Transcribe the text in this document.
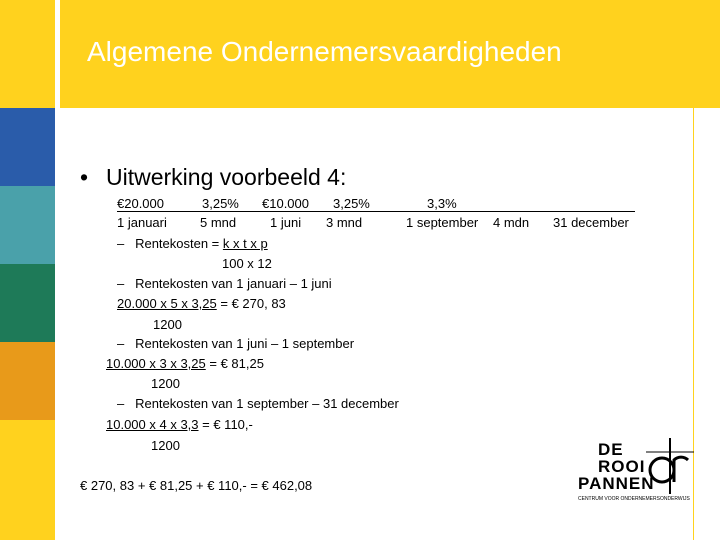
Algemene Ondernemersvaardigheden
• Uitwerking voorbeeld 4:
€20.000	3,25% €10.000 3,25%	3,3%
1 januari	5 mnd	1 juni 3 mnd	1 september 4 mdn 31 december
– Rentekosten = k x t x p
100 x 12
– Rentekosten van 1 januari – 1 juni
20.000 x 5 x 3,25 = € 270, 83
1200
– Rentekosten van 1 juni – 1 september
10.000 x 3 x 3,25 = € 81,25
1200
– Rentekosten van 1 september – 31 december
10.000 x 4 x 3,3 = € 110,-
1200
€ 270, 83 + € 81,25 + € 110,- = € 462,08
DE
ROOI
PANNEN
CENTRUM VOOR ONDERNEMERSONDERWIJS
